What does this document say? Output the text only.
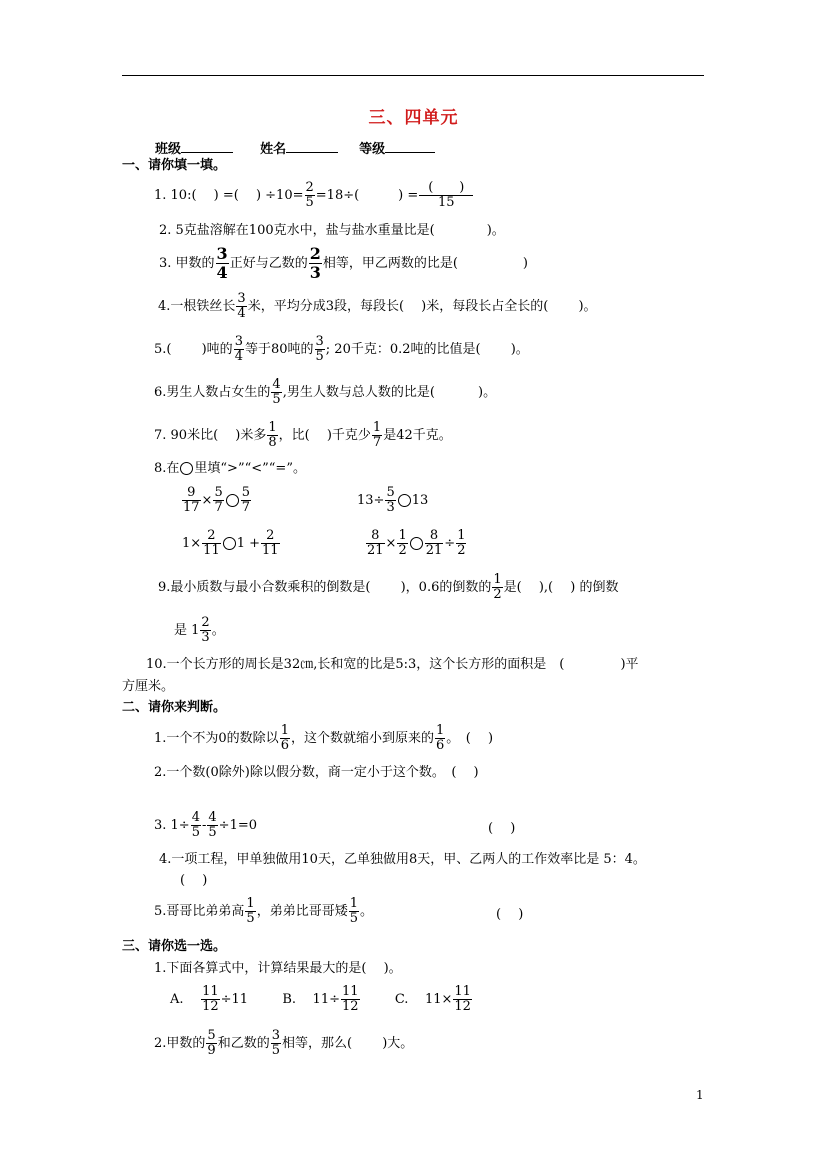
三、四单元
班级	姓名	等级
一、请你填一填。
1. 10:(　 ) =(　 ) $\div 10= \frac{2}{5} =18\div$(　　　) =
(　　)
15
2. 5克盐溶解在100克水中，盐与盐水重量比是(　　　　)。
3. 甲数的 $\frac{3}{4}$ 正好与乙数的 $\frac{2}{3}$ 相等，甲乙两数的比是(　　　　　)
4.一根铁丝长 $\frac{3}{4}$ 米，平均分成3段，每段长(　 )米，每段长占全长的(　　 )。
5.(　　 )吨的 $\frac{3}{4}$ 等于80吨的 $\frac{3}{5}$ ; 20千克：0.2吨的比值是(　　 )。
6.男生人数占女生的 $\frac{4}{5}$ ,男生人数与总人数的比是(　　　 )。
7. 90米比(　 )米多 $\frac{1}{8}$ ，比(　 )千克少 $\frac{1}{7}$ 是42千克。
8.在 里填“>”“<”“=”。
$\frac{9}{17} \times \frac{5}{7} \frac{5}{7}$	$13\div \frac{5}{3} 13$
$1\times \frac{2}{11} 1 + \frac{2}{11}$	$\frac{8}{21} \times \frac{1}{2} \frac{8}{21} \div \frac{1}{2}$
9.最小质数与最小合数乘积的倒数是(　　 )，0.6的倒数的 $\frac{1}{2}$ 是(　 ),(　 ) 的倒数
是 $1 \frac{2}{3}$ 。
10.一个长方形的周长是32㎝,长和宽的比是5:3，这个长方形的面积是　(　　　　 )平
方厘米。
二、请你来判断。
1.一个不为0的数除以 $\frac{1}{6}$ ，这个数就缩小到原来的 $\frac{1}{6}$ 。　(　 )
2.一个数(0除外)除以假分数，商一定小于这个数。　(　 )
3. $1\div \frac{4}{5} - \frac{4}{5} \div 1=0$	(　 )
4.一项工程，甲单独做用10天，乙单独做用8天，甲、乙两人的工作效率比是 5：4。
(　 )
5.哥哥比弟弟高 $\frac{1}{5}$ ，弟弟比哥哥矮 $\frac{1}{5}$ 。	(　 )
三、请你选一选。
1.下面各算式中，计算结果最大的是(　 )。
A. $\frac{11}{12} \div 11$	B. $11\div \frac{11}{12}$	C. $11\times \frac{11}{12}$
2.甲数的 $\frac{5}{9}$ 和乙数的 $\frac{3}{5}$ 相等，那么(　　 )大。
1
